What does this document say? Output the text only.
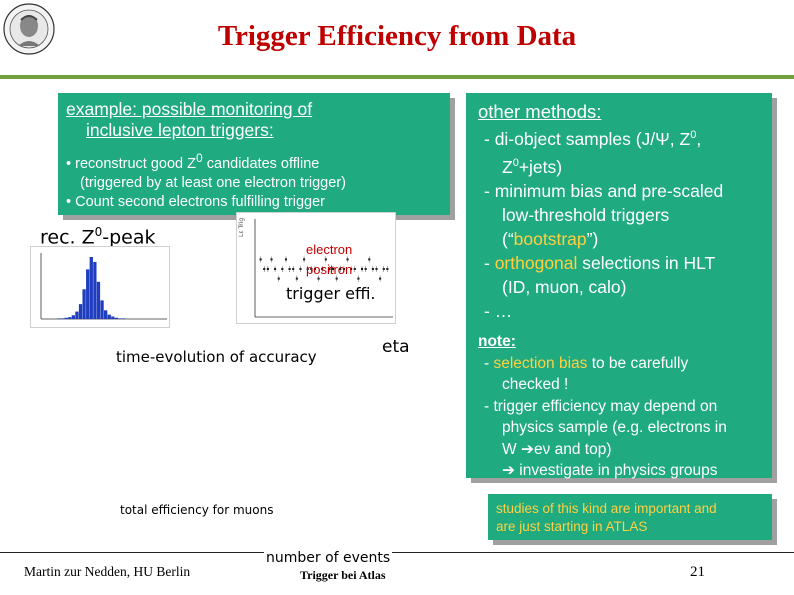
Trigger Efficiency from Data
example: possible monitoring of
inclusive lepton triggers:
• reconstruct good $Z^0$ candidates offline
(triggered by at least one electron trigger)
• Count second electrons fulfilling trigger
rec. $Z^0$-peak	Lε Trig
electron
positron
trigger effi.
time-evolution of accuracy	eta
total efficiency for muons
other methods:
- di-object samples (J/Ψ, $Z^0$,
$Z^0+jets$)
- minimum bias and pre-scaled
low-threshold triggers
(“bootstrap”)
- orthogonal selections in HLT
(ID, muon, calo)
- …
note:
- selection bias to be carefully
checked !
- trigger efficiency may depend on
physics sample (e.g. electrons in
W ➔eν and top)
➔ investigate in physics groups
studies of this kind are important and
are just starting in ATLAS
Martin zur Nedden, HU Berlin	Trigger bei Atlas
number of events
21
